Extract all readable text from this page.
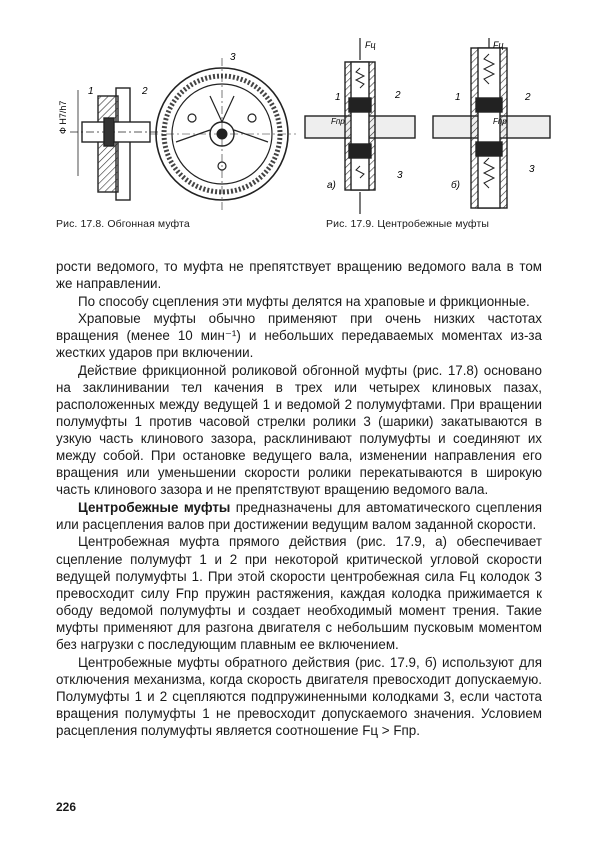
Ф H7/h7
1	2
3
Рис. 17.8. Обгонная муфта
Fц	Fц
Fпр	Fпр
1	2
3
1	2
3
а)	б)
Рис. 17.9. Центробежные муфты

рости ведомого, то муфта не препятствует вращению ведомого вала в том же направлении.

По способу сцепления эти муфты делятся на храповые и фрикционные.

Храповые муфты обычно применяют при очень низких частотах вращения (менее 10 мин⁻¹) и небольших передаваемых моментах из-за жестких ударов при включении.

Действие фрикционной роликовой обгонной муфты (рис. 17.8) основано на заклинивании тел качения в трех или четырех клиновых пазах, расположенных между ведущей 1 и ведомой 2 полумуфтами. При вращении полумуфты 1 против часовой стрелки ролики 3 (шарики) закатываются в узкую часть клинового зазора, расклинивают полумуфты и соединяют их между собой. При остановке ведущего вала, изменении направления его вращения или уменьшении скорости ролики перекатываются в широкую часть клинового зазора и не препятствуют вращению ведомого вала.

Центробежные муфты предназначены для автоматического сцепления или расцепления валов при достижении ведущим валом заданной скорости.

Центробежная муфта прямого действия (рис. 17.9, а) обеспечивает сцепление полумуфт 1 и 2 при некоторой критической угловой скорости ведущей полумуфты 1. При этой скорости центробежная сила Fц колодок 3 превосходит силу Fпр пружин растяжения, каждая колодка прижимается к ободу ведомой полумуфты и создает необходимый момент трения. Такие муфты применяют для разгона двигателя с небольшим пусковым моментом без нагрузки с последующим плавным ее включением.

Центробежные муфты обратного действия (рис. 17.9, б) используют для отключения механизма, когда скорость двигателя превосходит допускаемую. Полумуфты 1 и 2 сцепляются подпружиненными колодками 3, если частота вращения полумуфты 1 не превосходит допускаемого значения. Условием расцепления полумуфты является соотношение Fц > Fпр.

226
